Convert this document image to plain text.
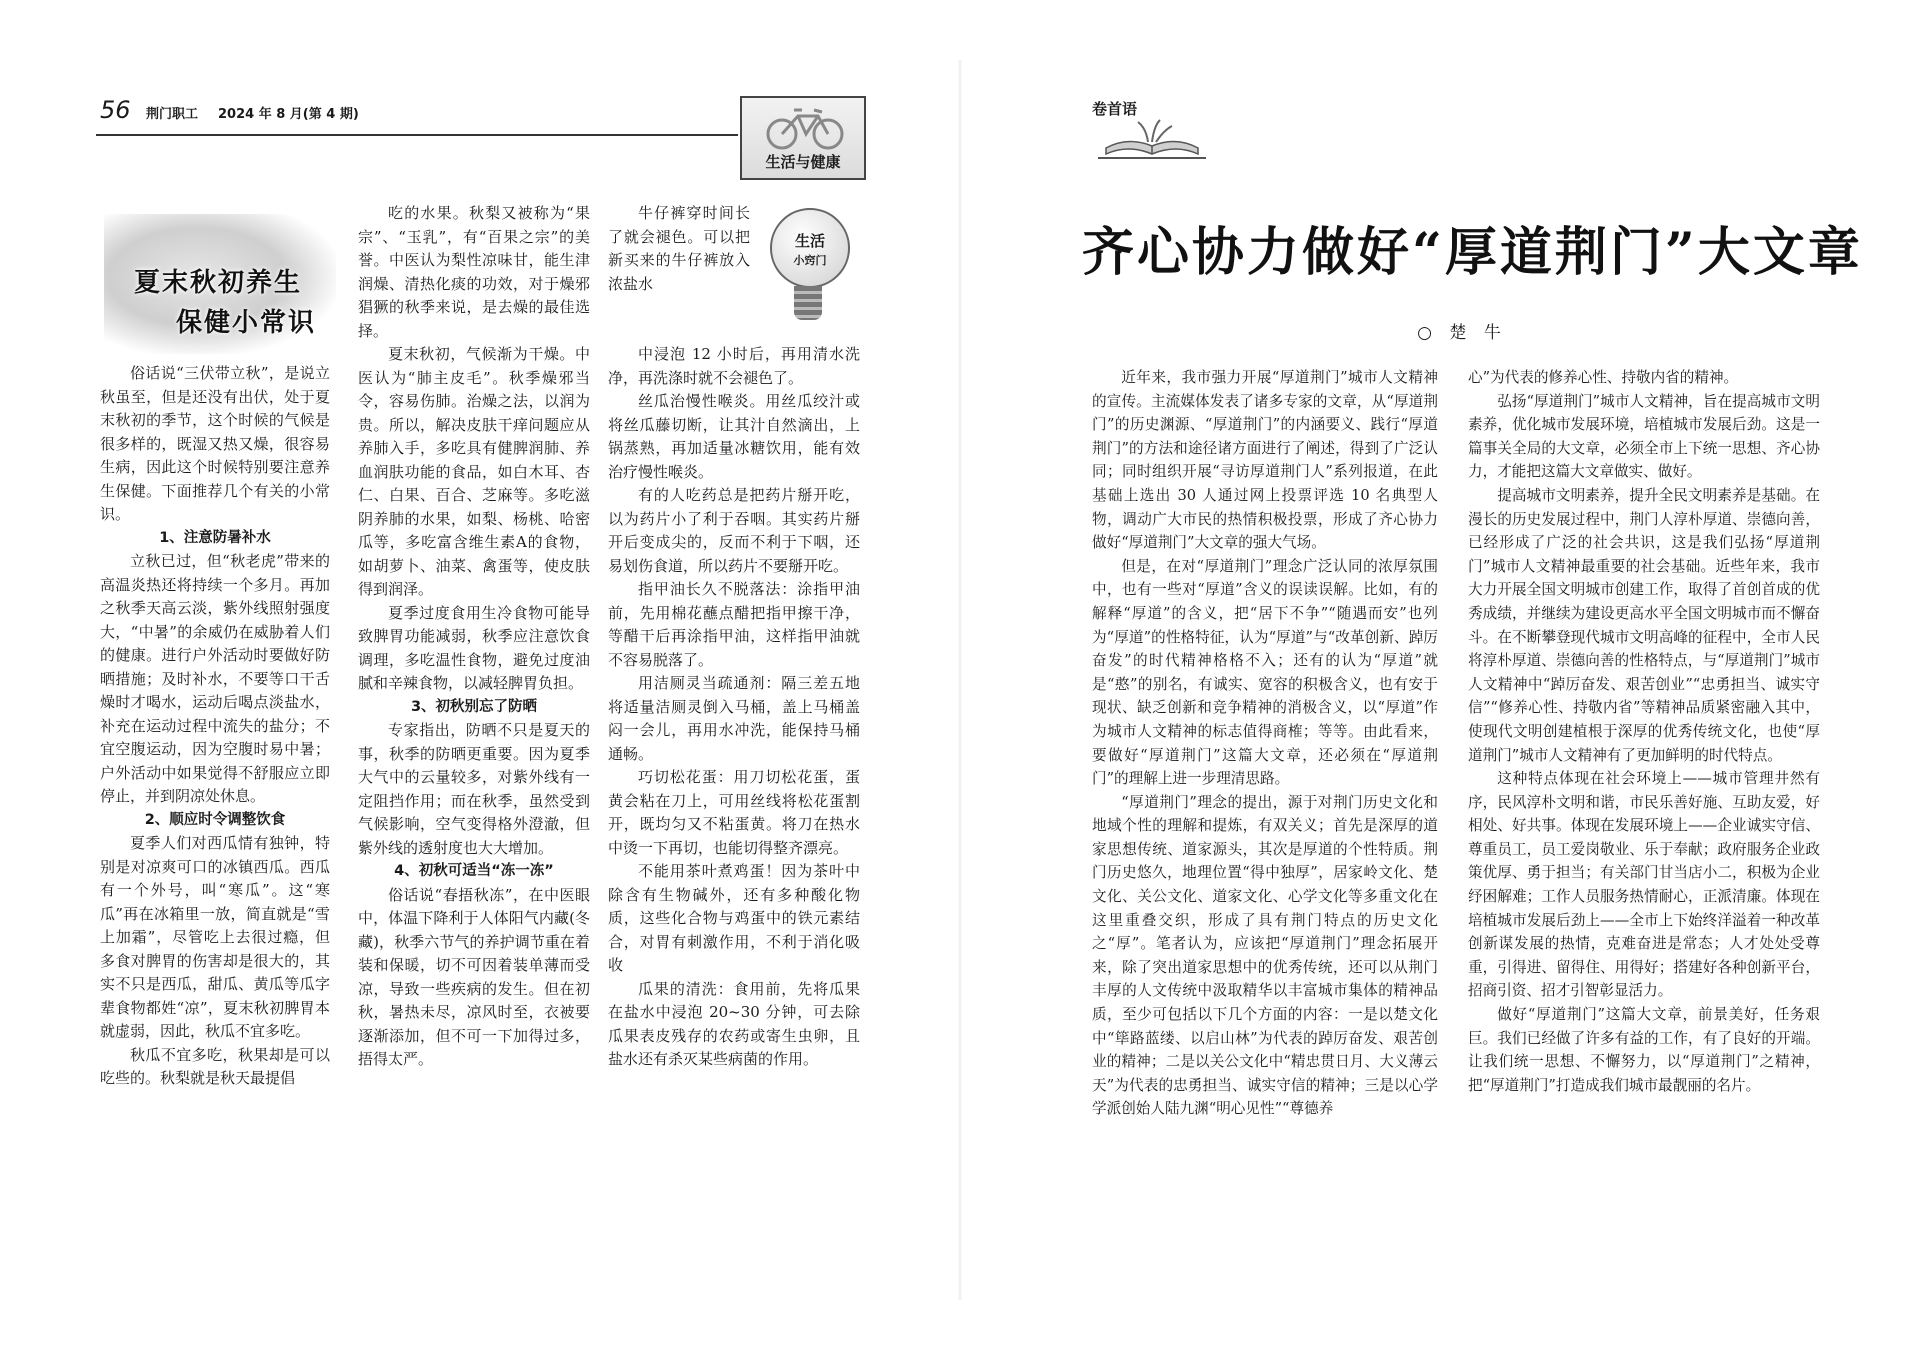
56 荆门职工 2024 年 8 月(第 4 期)
生活与健康
夏末秋初养生
保健小常识

俗话说“三伏带立秋”，是说立秋虽至，但是还没有出伏，处于夏末秋初的季节，这个时候的气候是很多样的，既湿又热又燥，很容易生病，因此这个时候特别要注意养生保健。下面推荐几个有关的小常识。

1、注意防暑补水

立秋已过，但“秋老虎”带来的高温炎热还将持续一个多月。再加之秋季天高云淡，紫外线照射强度大，“中暑”的余威仍在威胁着人们的健康。进行户外活动时要做好防晒措施；及时补水，不要等口干舌燥时才喝水，运动后喝点淡盐水，补充在运动过程中流失的盐分；不宜空腹运动，因为空腹时易中暑；户外活动中如果觉得不舒服应立即停止，并到阴凉处休息。

2、顺应时令调整饮食

夏季人们对西瓜情有独钟，特别是对凉爽可口的冰镇西瓜。西瓜有一个外号，叫“寒瓜”。这“寒瓜”再在冰箱里一放，简直就是“雪上加霜”，尽管吃上去很过瘾，但多食对脾胃的伤害却是很大的，其实不只是西瓜，甜瓜、黄瓜等瓜字辈食物都姓“凉”，夏末秋初脾胃本就虚弱，因此，秋瓜不宜多吃。

秋瓜不宜多吃，秋果却是可以吃些的。秋梨就是秋天最提倡

吃的水果。秋梨又被称为“果宗”、“玉乳”，有“百果之宗”的美誉。中医认为梨性凉味甘，能生津润燥、清热化痰的功效，对于燥邪猖獗的秋季来说，是去燥的最佳选择。

夏末秋初，气候渐为干燥。中医认为“肺主皮毛”。秋季燥邪当令，容易伤肺。治燥之法，以润为贵。所以，解决皮肤干痒问题应从养肺入手，多吃具有健脾润肺、养血润肤功能的食品，如白木耳、杏仁、白果、百合、芝麻等。多吃滋阴养肺的水果，如梨、杨桃、哈密瓜等，多吃富含维生素A的食物，如胡萝卜、油菜、禽蛋等，使皮肤得到润泽。

夏季过度食用生冷食物可能导致脾胃功能减弱，秋季应注意饮食调理，多吃温性食物，避免过度油腻和辛辣食物，以减轻脾胃负担。

3、初秋别忘了防晒

专家指出，防晒不只是夏天的事，秋季的防晒更重要。因为夏季大气中的云量较多，对紫外线有一定阻挡作用；而在秋季，虽然受到气候影响，空气变得格外澄澈，但紫外线的透射度也大大增加。

4、初秋可适当“冻一冻”

俗话说“春捂秋冻”，在中医眼中，体温下降利于人体阳气内藏(冬藏)，秋季六节气的养护调节重在着装和保暖，切不可因着装单薄而受凉，导致一些疾病的发生。但在初秋，暑热未尽，凉风时至，衣被要逐渐添加，但不可一下加得过多，捂得太严。

牛仔裤穿时间长了就会褪色。可以把新买来的牛仔裤放入浓盐水

生活
小窍门

中浸泡 12 小时后，再用清水洗净，再洗涤时就不会褪色了。

丝瓜治慢性喉炎。用丝瓜绞汁或将丝瓜藤切断，让其汁自然滴出，上锅蒸熟，再加适量冰糖饮用，能有效治疗慢性喉炎。

有的人吃药总是把药片掰开吃，以为药片小了利于吞咽。其实药片掰开后变成尖的，反而不利于下咽，还易划伤食道，所以药片不要掰开吃。

指甲油长久不脱落法：涂指甲油前，先用棉花蘸点醋把指甲擦干净，等醋干后再涂指甲油，这样指甲油就不容易脱落了。

用洁厕灵当疏通剂：隔三差五地将适量洁厕灵倒入马桶，盖上马桶盖闷一会儿，再用水冲洗，能保持马桶通畅。

巧切松花蛋：用刀切松花蛋，蛋黄会粘在刀上，可用丝线将松花蛋割开，既均匀又不粘蛋黄。将刀在热水中烫一下再切，也能切得整齐漂亮。

不能用茶叶煮鸡蛋！因为茶叶中除含有生物碱外，还有多种酸化物质，这些化合物与鸡蛋中的铁元素结合，对胃有刺激作用，不利于消化吸收

瓜果的清洗：食用前，先将瓜果在盐水中浸泡 20~30 分钟，可去除瓜果表皮残存的农药或寄生虫卵，且盐水还有杀灭某些病菌的作用。

卷首语
齐心协力做好“厚道荆门”大文章
○ 楚 牛

近年来，我市强力开展“厚道荆门”城市人文精神的宣传。主流媒体发表了诸多专家的文章，从“厚道荆门”的历史渊源、“厚道荆门”的内涵要义、践行“厚道荆门”的方法和途径诸方面进行了阐述，得到了广泛认同；同时组织开展“寻访厚道荆门人”系列报道，在此基础上选出 30 人通过网上投票评选 10 名典型人物，调动广大市民的热情积极投票，形成了齐心协力做好“厚道荆门”大文章的强大气场。

但是，在对“厚道荆门”理念广泛认同的浓厚氛围中，也有一些对“厚道”含义的误读误解。比如，有的解释“厚道”的含义，把“居下不争”“随遇而安”也列为“厚道”的性格特征，认为“厚道”与“改革创新、踔厉奋发”的时代精神格格不入；还有的认为“厚道”就是“憨”的别名，有诚实、宽容的积极含义，也有安于现状、缺乏创新和竞争精神的消极含义，以“厚道”作为城市人文精神的标志值得商榷；等等。由此看来，要做好“厚道荆门”这篇大文章，还必须在“厚道荆门”的理解上进一步理清思路。

“厚道荆门”理念的提出，源于对荆门历史文化和地域个性的理解和提炼，有双关义；首先是深厚的道家思想传统、道家源头，其次是厚道的个性特质。荆门历史悠久，地理位置“得中独厚”，居家岭文化、楚文化、关公文化、道家文化、心学文化等多重文化在这里重叠交织，形成了具有荆门特点的历史文化之“厚”。笔者认为，应该把“厚道荆门”理念拓展开来，除了突出道家思想中的优秀传统，还可以从荆门丰厚的人文传统中汲取精华以丰富城市集体的精神品质，至少可包括以下几个方面的内容：一是以楚文化中“筚路蓝缕、以启山林”为代表的踔厉奋发、艰苦创业的精神；二是以关公文化中“精忠贯日月、大义薄云天”为代表的忠勇担当、诚实守信的精神；三是以心学学派创始人陆九渊“明心见性”“尊德养

心”为代表的修养心性、持敬内省的精神。

弘扬“厚道荆门”城市人文精神，旨在提高城市文明素养，优化城市发展环境，培植城市发展后劲。这是一篇事关全局的大文章，必须全市上下统一思想、齐心协力，才能把这篇大文章做实、做好。

提高城市文明素养，提升全民文明素养是基础。在漫长的历史发展过程中，荆门人淳朴厚道、崇德向善，已经形成了广泛的社会共识，这是我们弘扬“厚道荆门”城市人文精神最重要的社会基础。近些年来，我市大力开展全国文明城市创建工作，取得了首创首成的优秀成绩，并继续为建设更高水平全国文明城市而不懈奋斗。在不断攀登现代城市文明高峰的征程中，全市人民将淳朴厚道、崇德向善的性格特点，与“厚道荆门”城市人文精神中“踔厉奋发、艰苦创业”“忠勇担当、诚实守信”“修养心性、持敬内省”等精神品质紧密融入其中，使现代文明创建植根于深厚的优秀传统文化，也使“厚道荆门”城市人文精神有了更加鲜明的时代特点。

这种特点体现在社会环境上——城市管理井然有序，民风淳朴文明和谐，市民乐善好施、互助友爱，好相处、好共事。体现在发展环境上——企业诚实守信、尊重员工，员工爱岗敬业、乐于奉献；政府服务企业政策优厚、勇于担当；有关部门甘当店小二，积极为企业纾困解难；工作人员服务热情耐心，正派清廉。体现在培植城市发展后劲上——全市上下始终洋溢着一种改革创新谋发展的热情，克难奋进是常态；人才处处受尊重，引得进、留得住、用得好；搭建好各种创新平台，招商引资、招才引智彰显活力。

做好“厚道荆门”这篇大文章，前景美好，任务艰巨。我们已经做了许多有益的工作，有了良好的开端。让我们统一思想、不懈努力，以“厚道荆门”之精神，把“厚道荆门”打造成我们城市最靓丽的名片。
